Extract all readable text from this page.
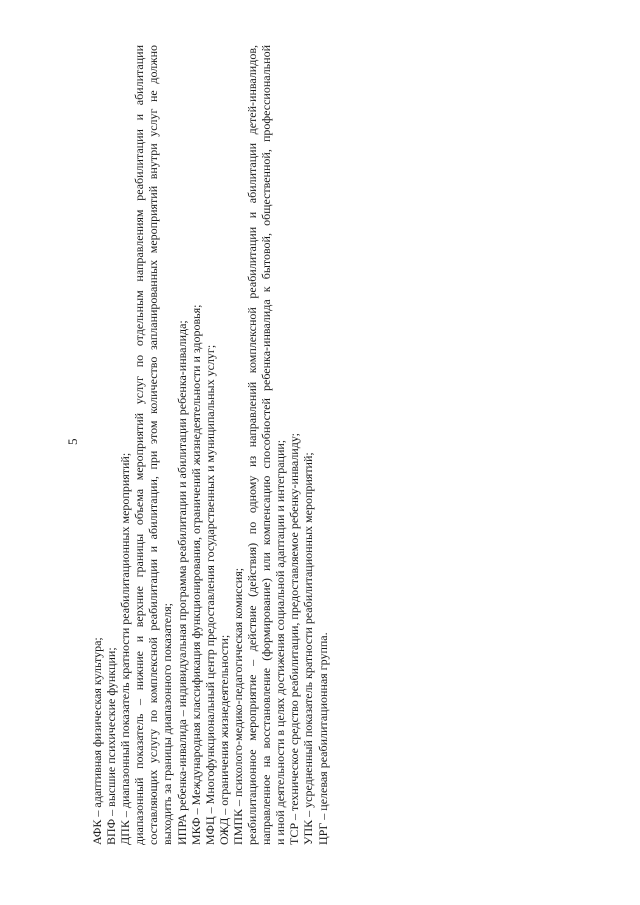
5
АФК – адаптивная физическая культура; ВПФ – высшие психические функции; ДПК – диапазонный показатель кратности реабилитационных мероприятий; диапазонный показатель – нижние и верхние границы объема мероприятий услуг по отдельным направлениям реабилитации и абилитации составляющих услугу по комплексной реабилитации и абилитации, при этом количество запланированных мероприятий внутри услуг не должно выходить за границы диапазонного показателя; ИПРА ребенка-инвалида – индивидуальная программа реабилитации и абилитации ребенка-инвалида; МКФ – Международная классификация функционирования, ограничений жизнедеятельности и здоровья; МФЦ – Многофункциональный центр предоставления государственных и муниципальных услуг; ОЖД – ограничения жизнедеятельности; ПМПК – психолого-медико-педагогическая комиссия; реабилитационное мероприятие – действие (действия) по одному из направлений комплексной реабилитации и абилитации детей-инвалидов, направленное на восстановление (формирование) или компенсацию способностей ребенка-инвалида к бытовой, общественной, профессиональной и иной деятельности в целях достижения социальной адаптации и интеграции; ТСР – техническое средство реабилитации, предоставляемое ребенку-инвалиду; УПК – усредненный показатель кратности реабилитационных мероприятий; ЦРГ – целевая реабилитационная группа.
